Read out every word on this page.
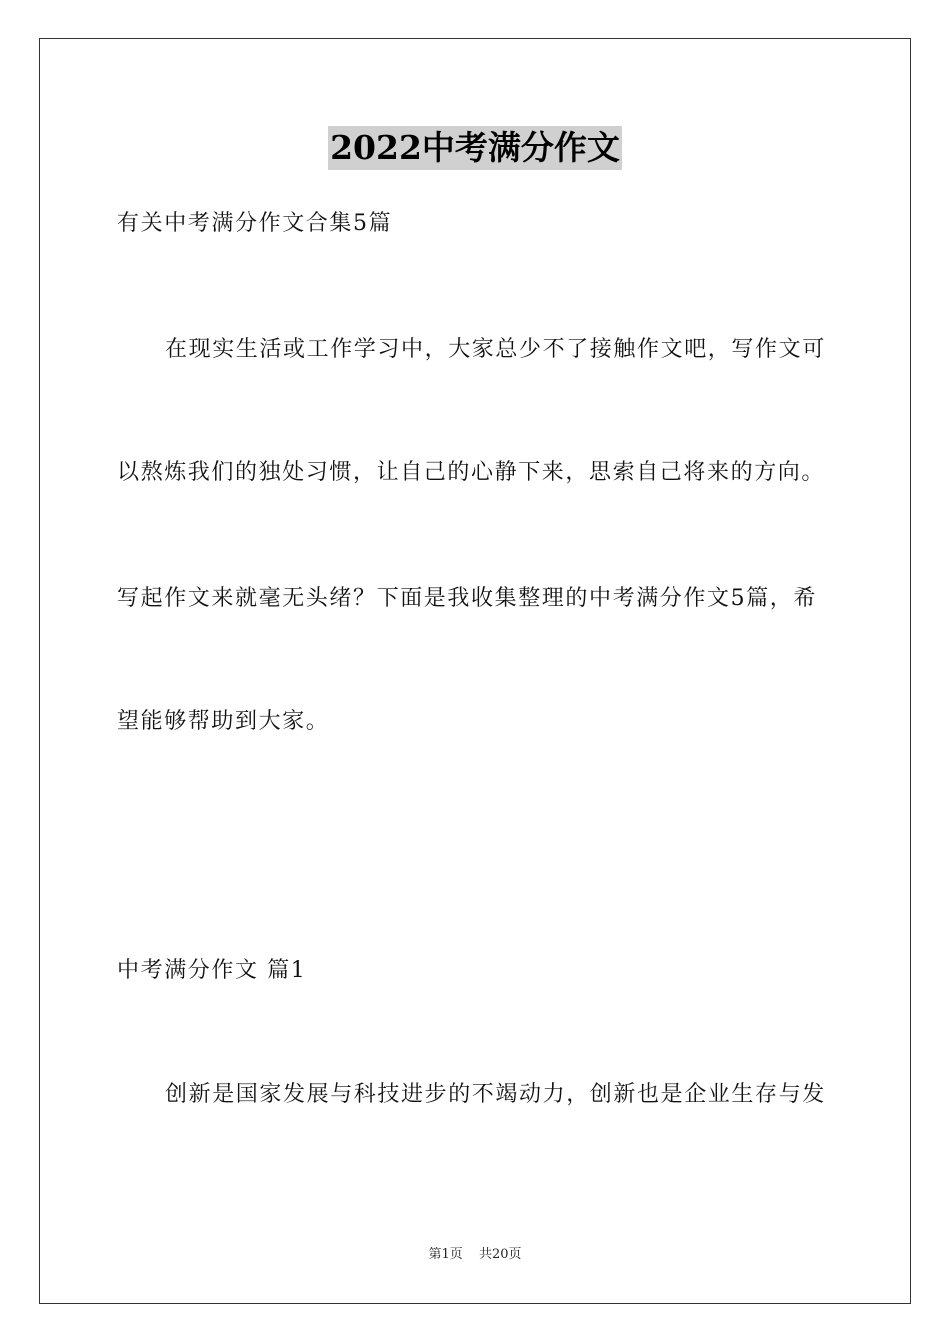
2022中考满分作文
有关中考满分作文合集5篇
在现实生活或工作学习中，大家总少不了接触作文吧，写作文可
以熬炼我们的独处习惯，让自己的心静下来，思索自己将来的方向。
写起作文来就毫无头绪？下面是我收集整理的中考满分作文5篇，希
望能够帮助到大家。
中考满分作文 篇1
创新是国家发展与科技进步的不竭动力，创新也是企业生存与发
第1页 共20页
